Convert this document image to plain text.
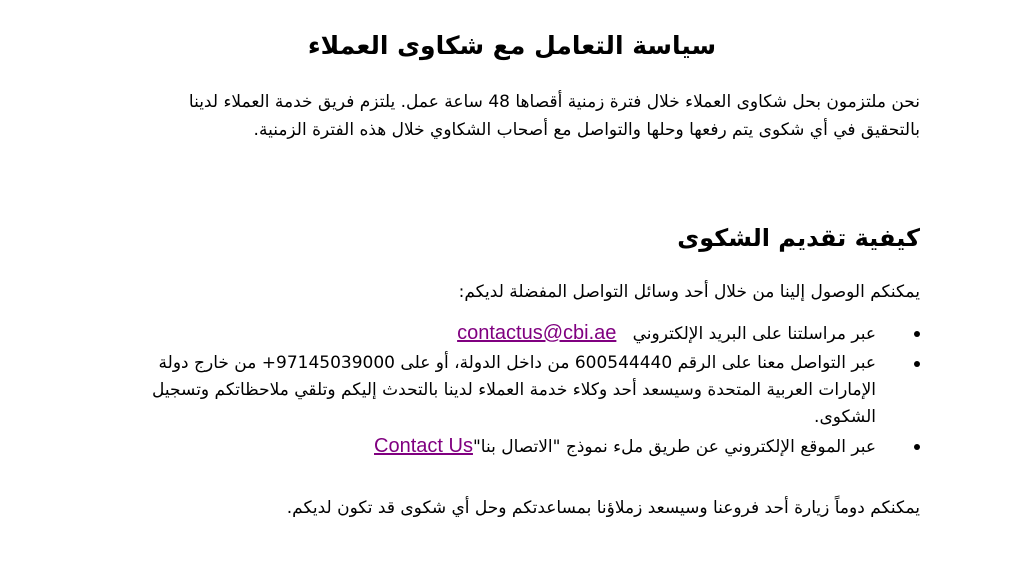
سياسة التعامل مع شكاوى العملاء

نحن ملتزمون بحل شكاوى العملاء خلال فترة زمنية أقصاها 48 ساعة عمل. يلتزم فريق خدمة العملاء لدينا بالتحقيق في أي شكوى يتم رفعها وحلها والتواصل مع أصحاب الشكاوي خلال هذه الفترة الزمنية.

كيفية تقديم الشكوى

يمكنكم الوصول إلينا من خلال أحد وسائل التواصل المفضلة لديكم:

عبر مراسلتنا على البريد الإلكتروني   contactus@cbi.ae
عبر التواصل معنا على الرقم 600544440 من داخل الدولة، أو على +97145039000 من خارج دولة الإمارات العربية المتحدة وسيسعد أحد وكلاء خدمة العملاء لدينا بالتحدث إليكم وتلقي ملاحظاتكم وتسجيل الشكوى.
عبر الموقع الإلكتروني عن طريق ملء نموذج "الاتصال بنا"Contact Us

يمكنكم دوماً زيارة أحد فروعنا وسيسعد زملاؤنا بمساعدتكم وحل أي شكوى قد تكون لديكم.
